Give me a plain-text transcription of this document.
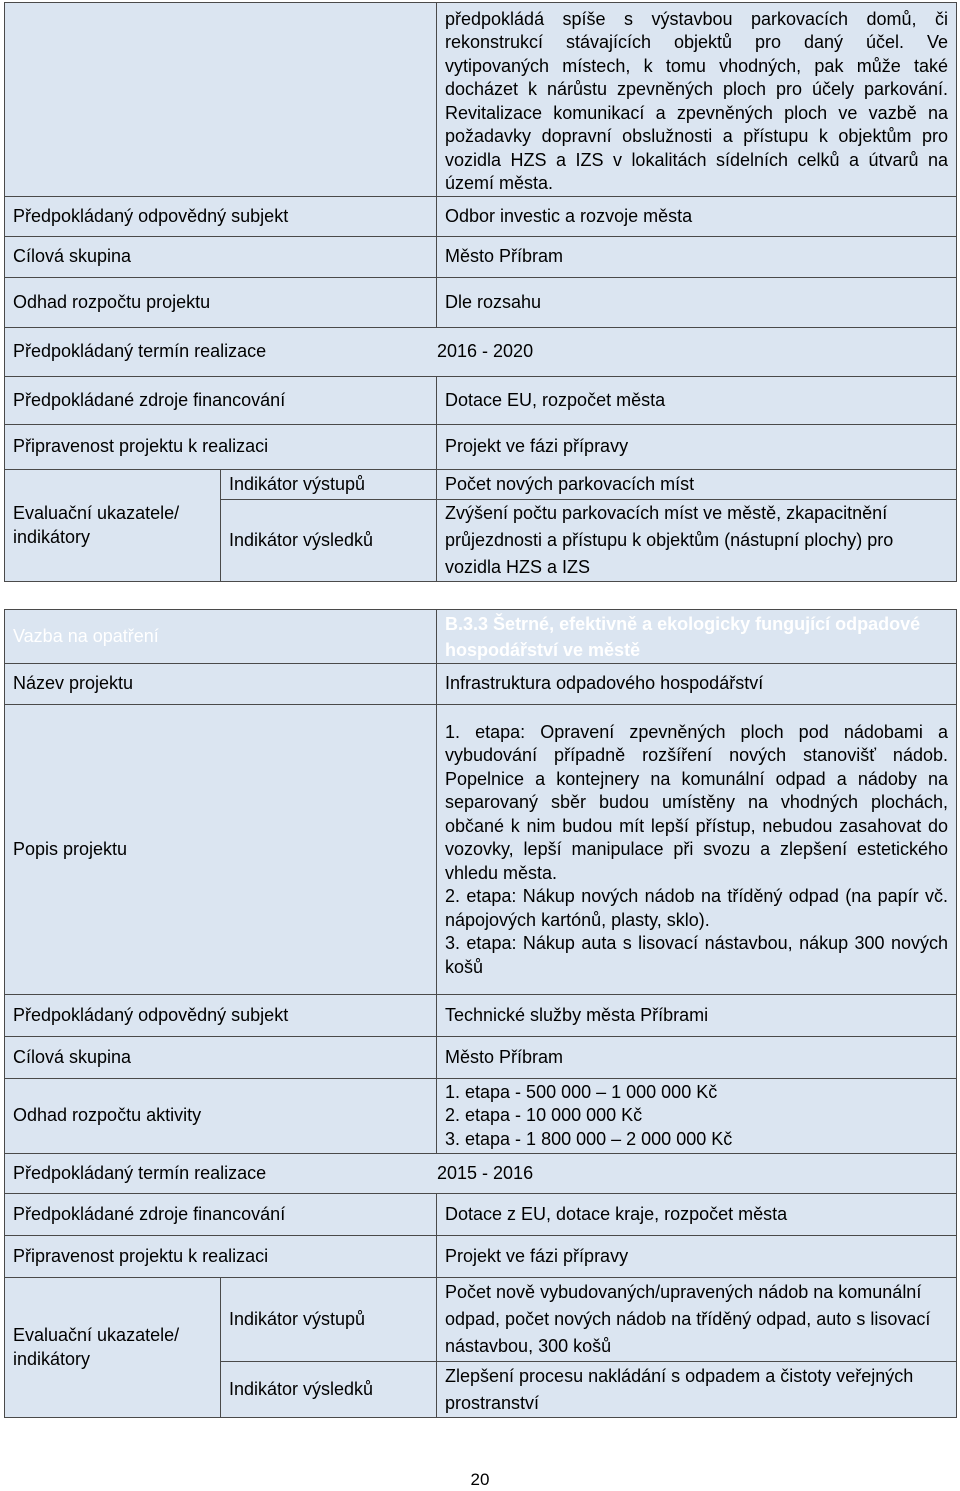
		předpokládá spíše s výstavbou parkovacích domů, či rekonstrukcí stávajících objektů pro daný účel. Ve vytipovaných místech, k tomu vhodných, pak může také docházet k nárůstu zpevněných ploch pro účely parkování. Revitalizace komunikací a zpevněných ploch ve vazbě na požadavky dopravní obslužnosti a přístupu k objektům pro vozidla HZS a IZS v lokalitách sídelních celků a útvarů na území města.
Předpokládaný odpovědný subjekt		Odbor investic a rozvoje města
Cílová skupina		Město Příbram
Odhad rozpočtu projektu		Dle rozsahu
Předpokládaný termín realizace 2016 - 2020		
Předpokládané zdroje financování		Dotace EU, rozpočet města
Připravenost projektu k realizaci		Projekt ve fázi přípravy
Evaluační ukazatele/ indikátory	Indikátor výstupů	Počet nových parkovacích míst
	Indikátor výsledků	Zvýšení počtu parkovacích míst ve městě, zkapacitnění průjezdnosti a přístupu k objektům (nástupní plochy) pro vozidla HZS a IZS
Vazba na opatření		B.3.3 Šetrné, efektivně a ekologicky fungující odpadové hospodářství ve městě
Název projektu		Infrastruktura odpadového hospodářství
Popis projektu		1. etapa: Opravení zpevněných ploch pod nádobami a vybudování případně rozšíření nových stanovišť nádob. Popelnice a kontejnery na komunální odpad a nádoby na separovaný sběr budou umístěny na vhodných plochách, občané k nim budou mít lepší přístup, nebudou zasahovat do vozovky, lepší manipulace při svozu a zlepšení estetického vhledu města.
2. etapa: Nákup nových nádob na tříděný odpad (na papír vč. nápojových kartónů, plasty, sklo).
3. etapa: Nákup auta s lisovací nástavbou, nákup 300 nových košů

Předpokládaný odpovědný subjekt		Technické služby města Příbrami
Cílová skupina		Město Příbram
Odhad rozpočtu aktivity		1. etapa - 500 000 – 1 000 000 Kč
2. etapa - 10 000 000 Kč
3. etapa - 1 800 000 – 2 000 000 Kč

Předpokládaný termín realizace 2015 - 2016		
Předpokládané zdroje financování		Dotace z EU, dotace kraje, rozpočet města
Připravenost projektu k realizaci		Projekt ve fázi přípravy
Evaluační ukazatele/ indikátory	Indikátor výstupů	Počet nově vybudovaných/upravených nádob na komunální odpad, počet nových nádob na tříděný odpad, auto s lisovací nástavbou, 300 košů
	Indikátor výsledků	Zlepšení procesu nakládání s odpadem a čistoty veřejných prostranství
20
